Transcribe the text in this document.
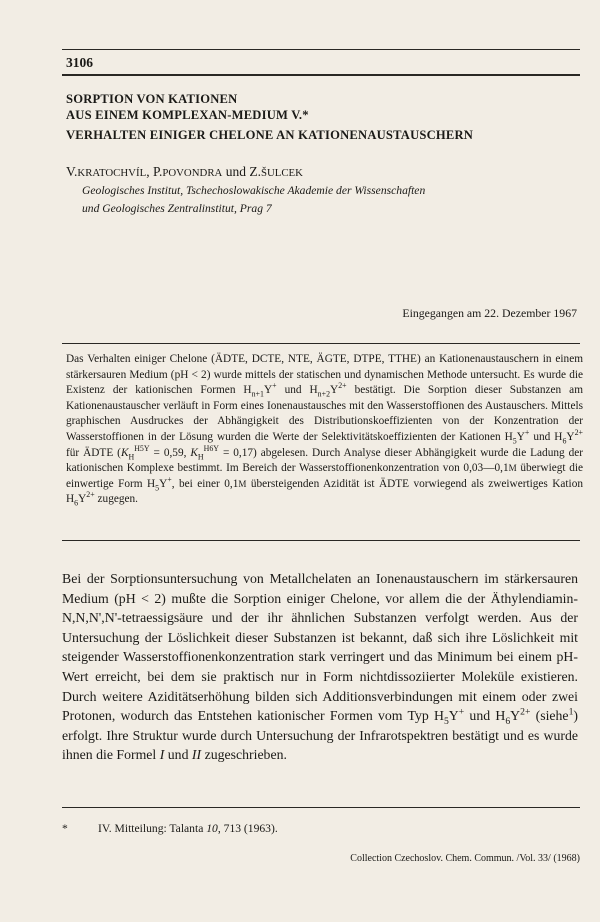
3106
SORPTION VON KATIONEN
AUS EINEM KOMPLEXAN-MEDIUM V.*
VERHALTEN EINIGER CHELONE AN KATIONENAUSTAUSCHERN
V.KRATOCHVÍL, P.POVONDRA und Z.ŠULCEK
Geologisches Institut, Tschechoslowakische Akademie der Wissenschaften
und Geologisches Zentralinstitut, Prag 7
Eingegangen am 22. Dezember 1967
Das Verhalten einiger Chelone (ÄDTE, DCTE, NTE, ÄGTE, DTPE, TTHE) an Kationenaustauschern in einem stärkersauren Medium (pH < 2) wurde mittels der statischen und dynamischen Methode untersucht. Es wurde die Existenz der kationischen Formen $H_{n+1}Y^+$ und $H_{n+2}Y^{2+}$ bestätigt. Die Sorption dieser Substanzen am Kationenaustauscher verläuft in Form eines Ionenaustausches mit den Wasserstoffionen des Austauschers. Mittels graphischen Ausdruckes der Abhängigkeit des Distributionskoeffizienten von der Konzentration der Wasserstoffionen in der Lösung wurden die Werte der Selektivitätskoeffizienten der Kationen $H_5Y^+$ und $H_6Y^{2+}$ für ÄDTE ($K_H^{H5Y} = 0,59$, $K_H^{H6Y} = 0,17$) abgelesen. Durch Analyse dieser Abhängigkeit wurde die Ladung der kationischen Komplexe bestimmt. Im Bereich der Wasserstoffionenkonzentration von 0,03—0,1M überwiegt die einwertige Form $H_5Y^+$, bei einer 0,1M übersteigenden Azidität ist ÄDTE vorwiegend als zweiwertiges Kation $H_6Y^{2+}$ zugegen.
Bei der Sorptionsuntersuchung von Metallchelaten an Ionenaustauschern im stärkersauren Medium (pH < 2) mußte die Sorption einiger Chelone, vor allem die der Äthylendiamin-N,N,N',N'-tetraessigsäure und der ihr ähnlichen Substanzen verfolgt werden. Aus der Untersuchung der Löslichkeit dieser Substanzen ist bekannt, daß sich ihre Löslichkeit mit steigender Wasserstoffionenkonzentration stark verringert und das Minimum bei einem pH-Wert erreicht, bei dem sie praktisch nur in Form nichtdissoziierter Moleküle existieren. Durch weitere Aziditätserhöhung bilden sich Additionsverbindungen mit einem oder zwei Protonen, wodurch das Entstehen kationischer Formen vom Typ $H_5Y^+$ und $H_6Y^{2+}$ (siehe$^1$) erfolgt. Ihre Struktur wurde durch Untersuchung der Infrarotspektren bestätigt und es wurde ihnen die Formel I und II zugeschrieben.
*	IV. Mitteilung: Talanta 10, 713 (1963).
Collection Czechoslov. Chem. Commun. /Vol. 33/ (1968)
